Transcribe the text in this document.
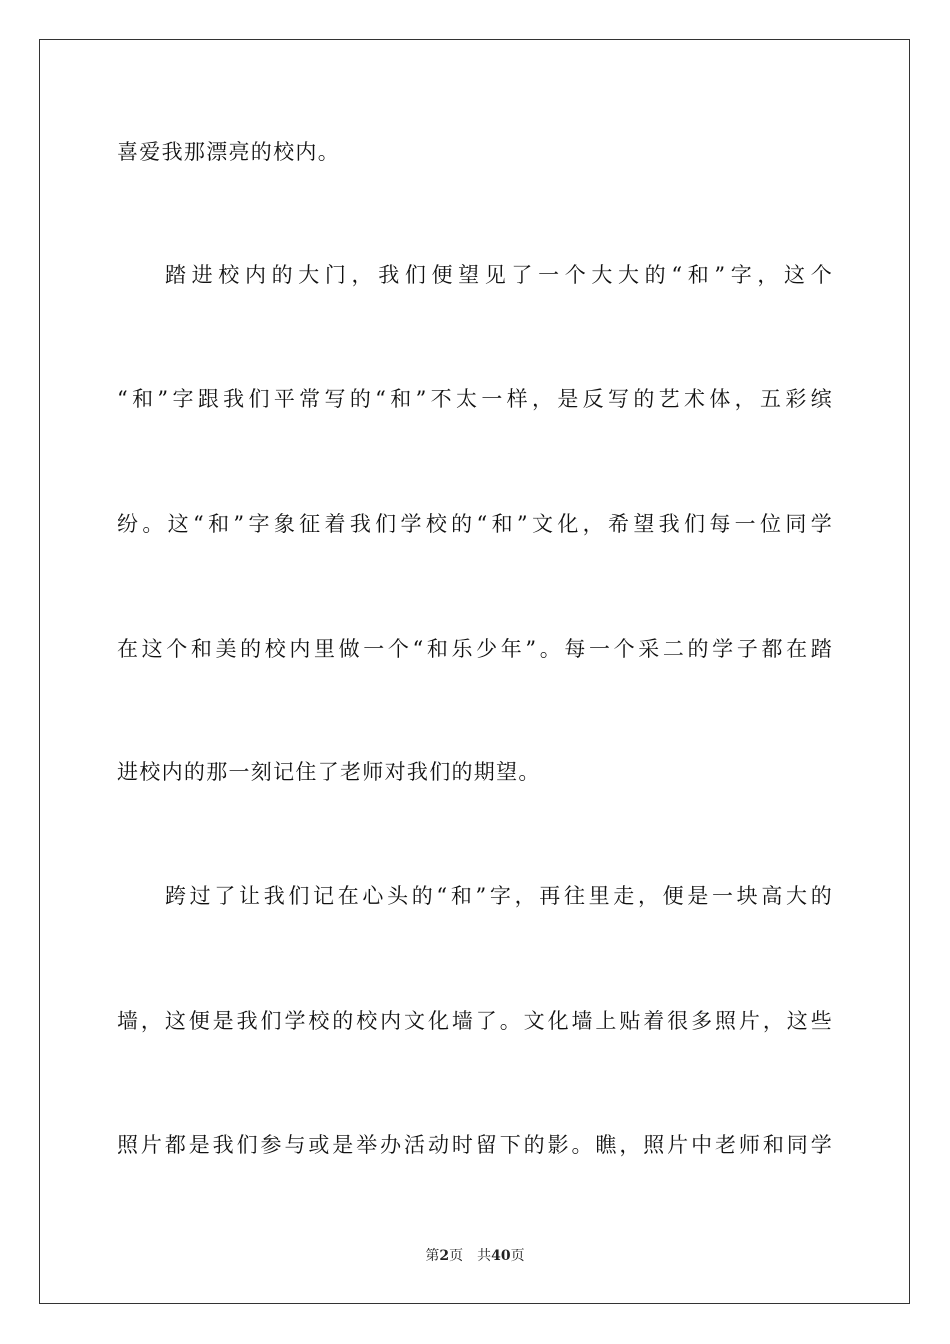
喜爱我那漂亮的校内。
踏进校内的大门，我们便望见了一个大大的“和”字，这个
“和”字跟我们平常写的“和”不太一样，是反写的艺术体，五彩缤
纷。这“和”字象征着我们学校的“和”文化，希望我们每一位同学
在这个和美的校内里做一个“和乐少年”。每一个采二的学子都在踏
进校内的那一刻记住了老师对我们的期望。
跨过了让我们记在心头的“和”字，再往里走，便是一块高大的
墙，这便是我们学校的校内文化墙了。文化墙上贴着很多照片，这些
照片都是我们参与或是举办活动时留下的影。瞧，照片中老师和同学
第2页 共40页
